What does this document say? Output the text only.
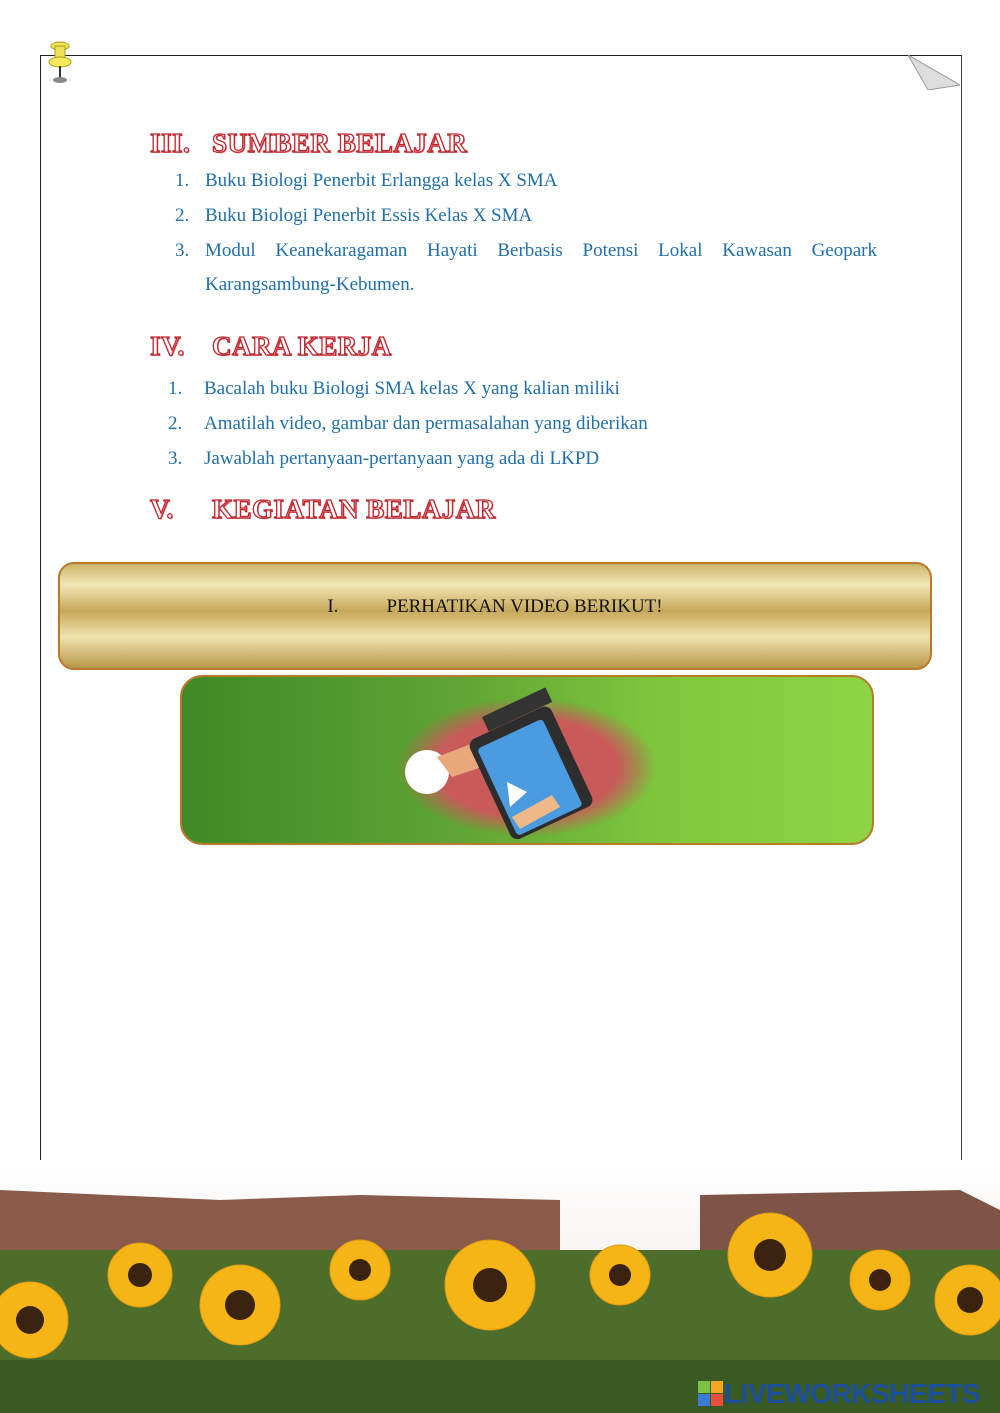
III. SUMBER BELAJAR
1. Buku Biologi Penerbit Erlangga kelas X SMA
2. Buku Biologi Penerbit Essis Kelas X SMA
3. Modul Keanekaragaman Hayati Berbasis Potensi Lokal Kawasan Geopark
Karangsambung-Kebumen.
IV. CARA KERJA
1. Bacalah buku Biologi SMA kelas X yang kalian miliki
2. Amatilah video, gambar dan permasalahan yang diberikan
3. Jawablah pertanyaan-pertanyaan yang ada di LKPD
V. KEGIATAN BELAJAR
I.	PERHATIKAN VIDEO BERIKUT!
LIVEWORKSHEETS
